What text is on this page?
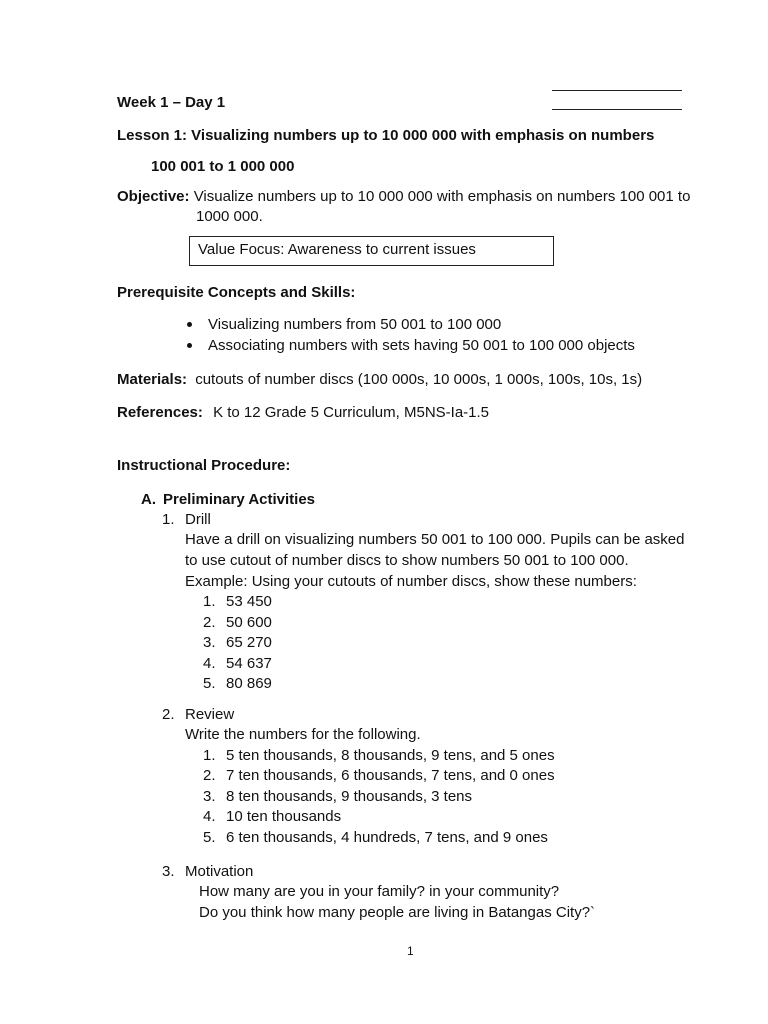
Week 1 – Day 1
Lesson 1: Visualizing numbers up to 10 000 000 with emphasis on numbers
100 001 to 1 000 000
Objective: Visualize numbers up to 10 000 000 with emphasis on numbers 100 001 to
1000 000.
Value Focus: Awareness to current issues
Prerequisite Concepts and Skills:
Visualizing numbers from 50 001 to 100 000
Associating numbers with sets having 50 001 to 100 000 objects
Materials: cutouts of number discs (100 000s, 10 000s, 1 000s, 100s, 10s, 1s)
References: K to 12 Grade 5 Curriculum, M5NS-Ia-1.5
Instructional Procedure:
A. Preliminary Activities
1. Drill
Have a drill on visualizing numbers 50 001 to 100 000. Pupils can be asked
to use cutout of number discs to show numbers 50 001 to 100 000.
Example: Using your cutouts of number discs, show these numbers:
1. 53 450
2. 50 600
3. 65 270
4. 54 637
5. 80 869
2. Review
Write the numbers for the following.
1. 5 ten thousands, 8 thousands, 9 tens, and 5 ones
2. 7 ten thousands, 6 thousands, 7 tens, and 0 ones
3. 8 ten thousands, 9 thousands, 3 tens
4. 10 ten thousands
5. 6 ten thousands, 4 hundreds, 7 tens, and 9 ones
3. Motivation
How many are you in your family? in your community?
Do you think how many people are living in Batangas City?`
1
